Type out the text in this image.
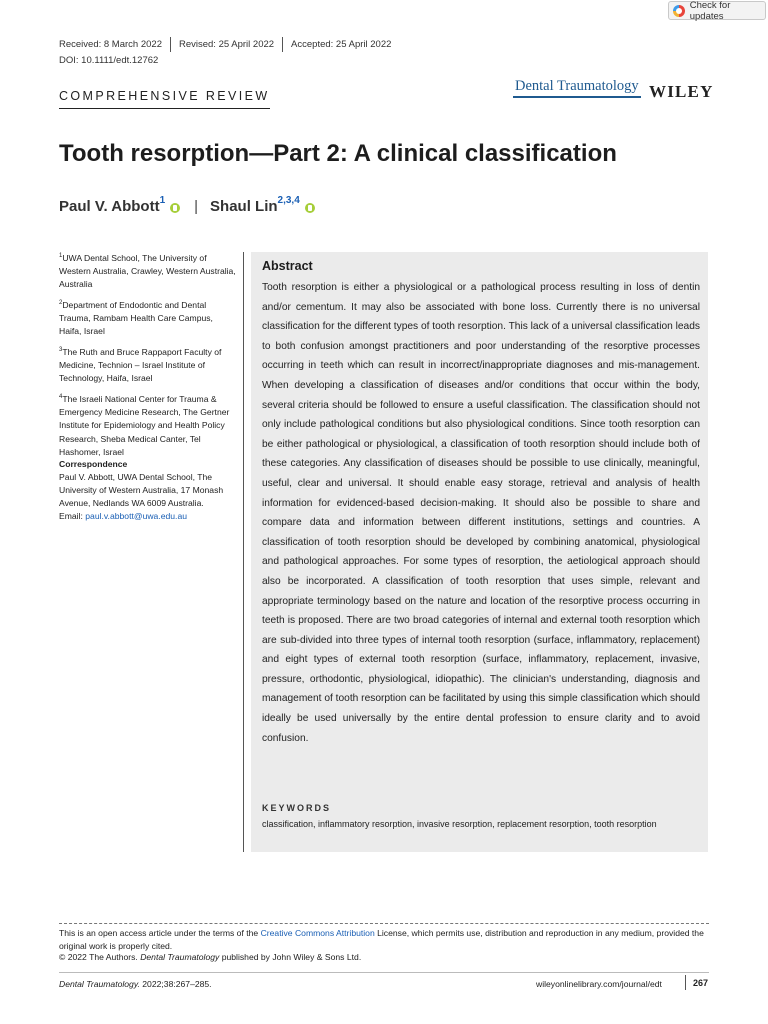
Check for updates
Received: 8 March 2022 Revised: 25 April 2022 Accepted: 25 April 2022
DOI: 10.1111/edt.12762
COMPREHENSIVE REVIEW
Dental Traumatology WILEY
Tooth resorption—Part 2: A clinical classification
Paul V. Abbott$^1$ | Shaul Lin$^{2,3,4}$

$^1$UWA Dental School, The University of Western Australia, Crawley, Western Australia, Australia

$^2$Department of Endodontic and Dental Trauma, Rambam Health Care Campus, Haifa, Israel

$^3$The Ruth and Bruce Rappaport Faculty of Medicine, Technion – Israel Institute of Technology, Haifa, Israel

$^4$The Israeli National Center for Trauma & Emergency Medicine Research, The Gertner Institute for Epidemiology and Health Policy Research, Sheba Medical Canter, Tel Hashomer, Israel

Correspondence
Paul V. Abbott, UWA Dental School, The University of Western Australia, 17 Monash Avenue, Nedlands WA 6009 Australia.
Email: paul.v.abbott@uwa.edu.au
Abstract

Tooth resorption is either a physiological or a pathological process resulting in loss of dentin and/or cementum. It may also be associated with bone loss. Currently there is no universal classification for the different types of tooth resorption. This lack of a universal classification leads to both confusion amongst practitioners and poor understanding of the resorptive processes occurring in teeth which can result in incorrect/inappropriate diagnoses and mis-management. When developing a classification of diseases and/or conditions that occur within the body, several criteria should be followed to ensure a useful classification. The classification should not only include pathological conditions but also physiological conditions. Since tooth resorption can be either pathological or physiological, a classification of tooth resorption should include both of these categories. Any classification of diseases should be possible to use clinically, meaningful, useful, clear and universal. It should enable easy storage, retrieval and analysis of health information for evidenced-based decision-making. It should also be possible to share and compare data and information between different institutions, settings and countries. A classification of tooth resorption should be developed by combining anatomical, physiological and pathological approaches. For some types of resorption, the aetiological approach should also be incorporated. A classification of tooth resorption that uses simple, relevant and appropriate terminology based on the nature and location of the resorptive process occurring in teeth is proposed. There are two broad categories of internal and external tooth resorption which are sub-divided into three types of internal tooth resorption (surface, inflammatory, replacement) and eight types of external tooth resorption (surface, inflammatory, replacement, invasive, pressure, orthodontic, physiological, idiopathic). The clinician's understanding, diagnosis and management of tooth resorption can be facilitated by using this simple classification which should ideally be used universally by the entire dental profession to ensure clarity and to avoid confusion.

KEYWORDS
classification, inflammatory resorption, invasive resorption, replacement resorption, tooth resorption
This is an open access article under the terms of the Creative Commons Attribution License, which permits use, distribution and reproduction in any medium, provided the original work is properly cited.
© 2022 The Authors. Dental Traumatology published by John Wiley & Sons Ltd.
Dental Traumatology. 2022;38:267–285.	wileyonlinelibrary.com/journal/edt	267
